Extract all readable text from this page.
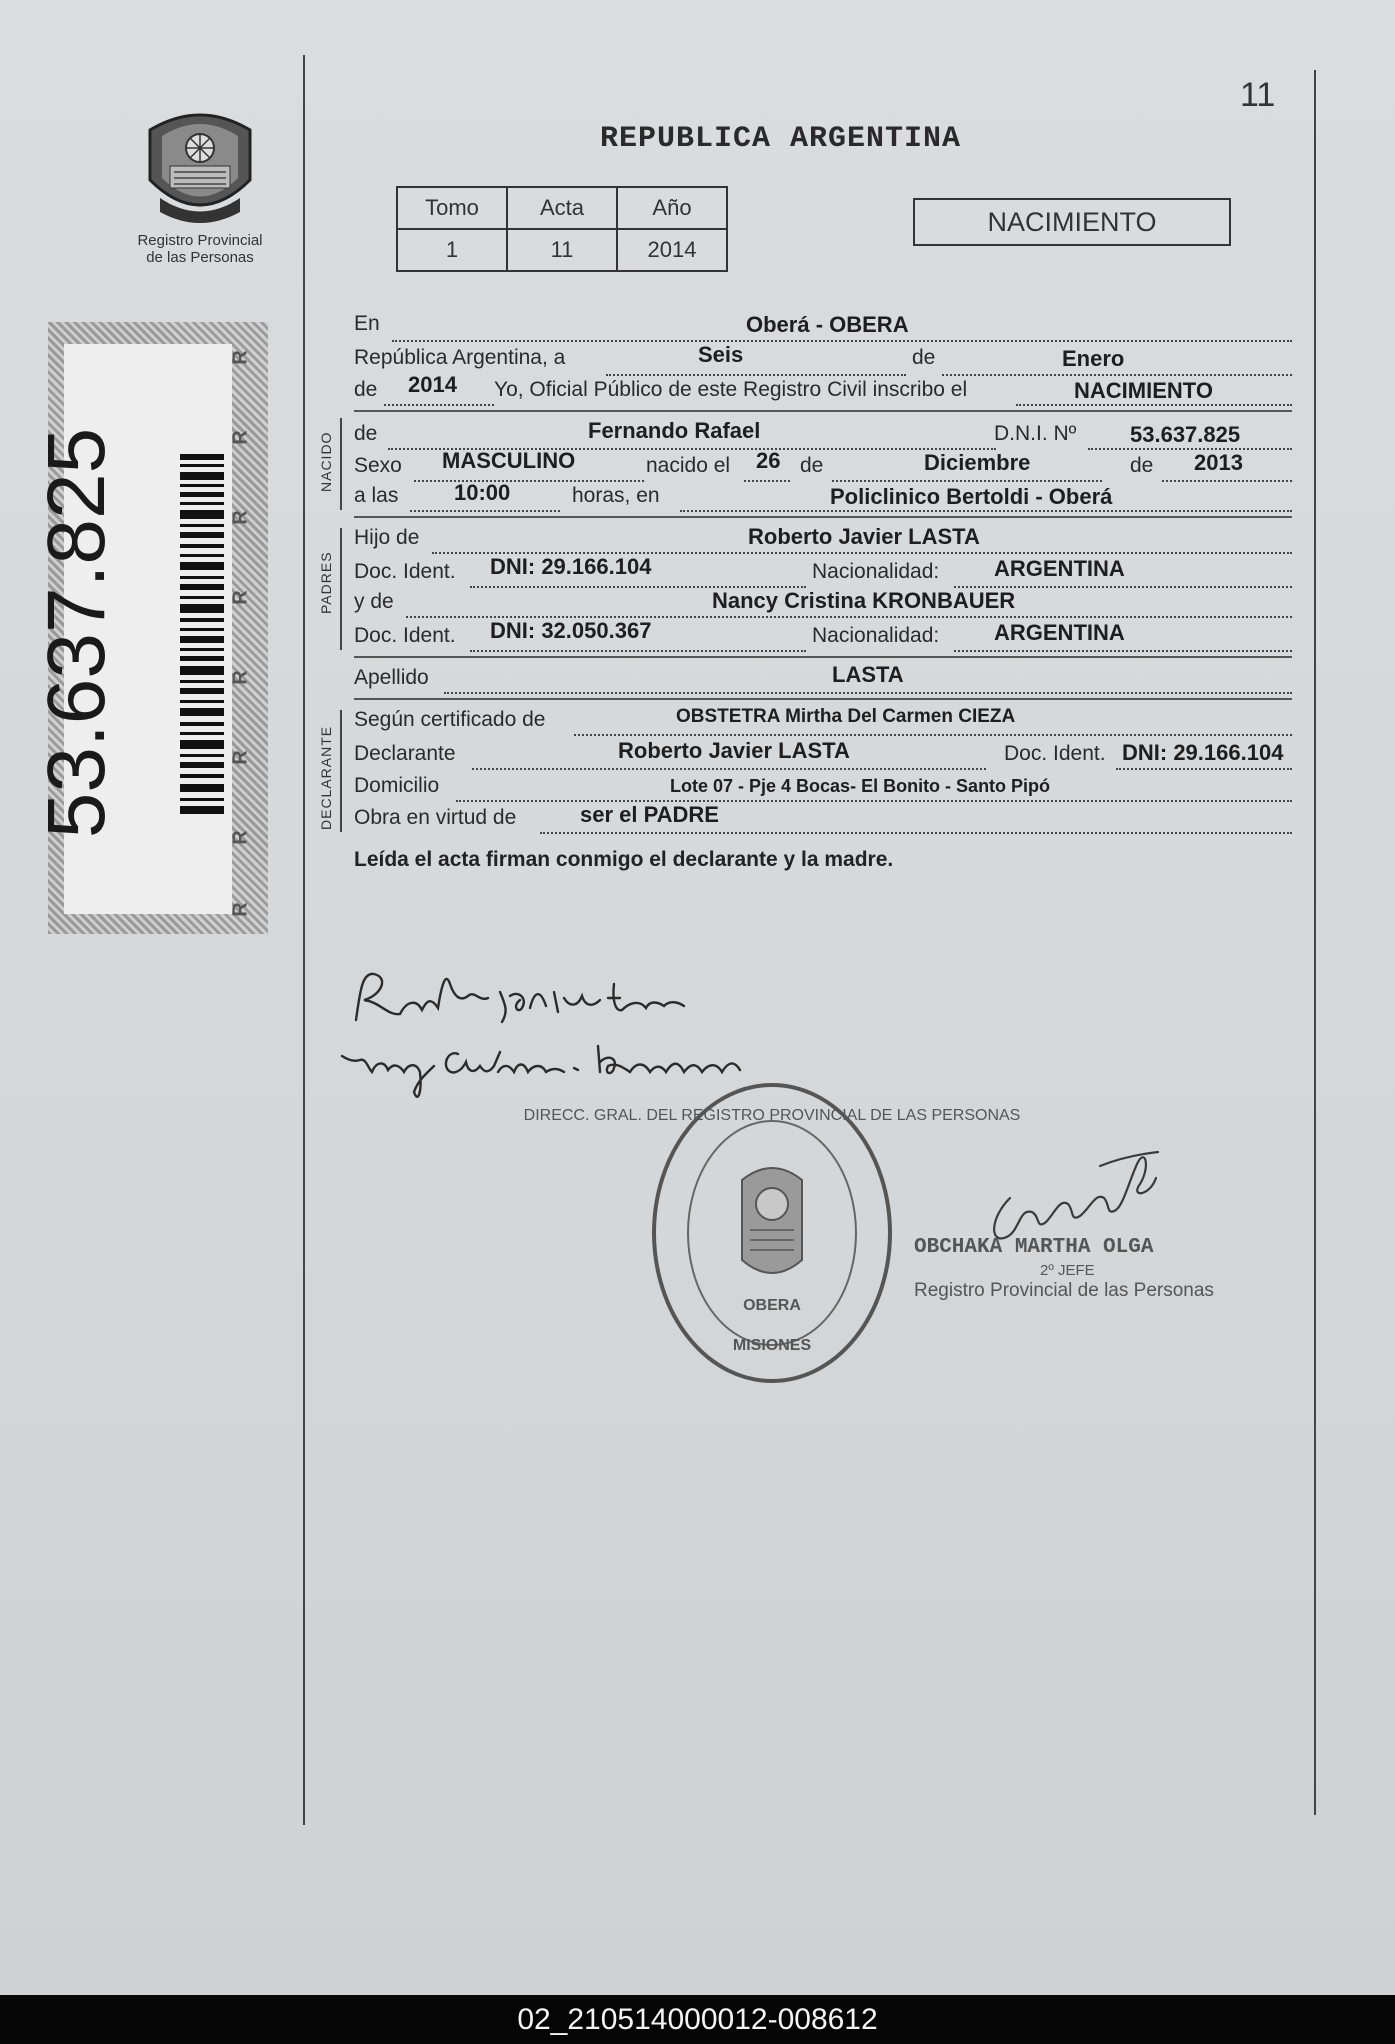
Registro Provincial
de las Personas
11
REPUBLICA ARGENTINA
Tomo	Acta	Año
1	11	2014
NACIMIENTO
53.637.825
R
R
R
R
R
R
R
R
NACIDO
PADRES
DECLARANTE
En	Oberá - OBERA
República Argentina, a	Seis	de	Enero
de 2014 Yo, Oficial Público de este Registro Civil inscribo el	NACIMIENTO
de	Fernando Rafael	D.N.I. Nº 53.637.825
Sexo MASCULINO	nacido el 26 de	Diciembre	de 2013
a las	10:00	horas, en	Policlinico Bertoldi - Oberá
Hijo de	Roberto Javier LASTA
Doc. Ident. DNI: 29.166.104	Nacionalidad: ARGENTINA
y de	Nancy Cristina KRONBAUER
Doc. Ident. DNI: 32.050.367	Nacionalidad: ARGENTINA
Apellido	LASTA
Según certificado de	OBSTETRA Mirtha Del Carmen CIEZA
Declarante	Roberto Javier LASTA	Doc. Ident. DNI: 29.166.104
Domicilio	Lote 07 - Pje 4 Bocas- El Bonito - Santo Pipó
Obra en virtud de	ser el PADRE
Leída el acta firman conmigo el declarante y la madre.
DIRECC. GRAL. DEL REGISTRO PROVINCIAL DE LAS PERSONAS
OBERA
MISIONES
OBCHAKA MARTHA OLGA
2º JEFE
Registro Provincial de las Personas
02_210514000012-008612
